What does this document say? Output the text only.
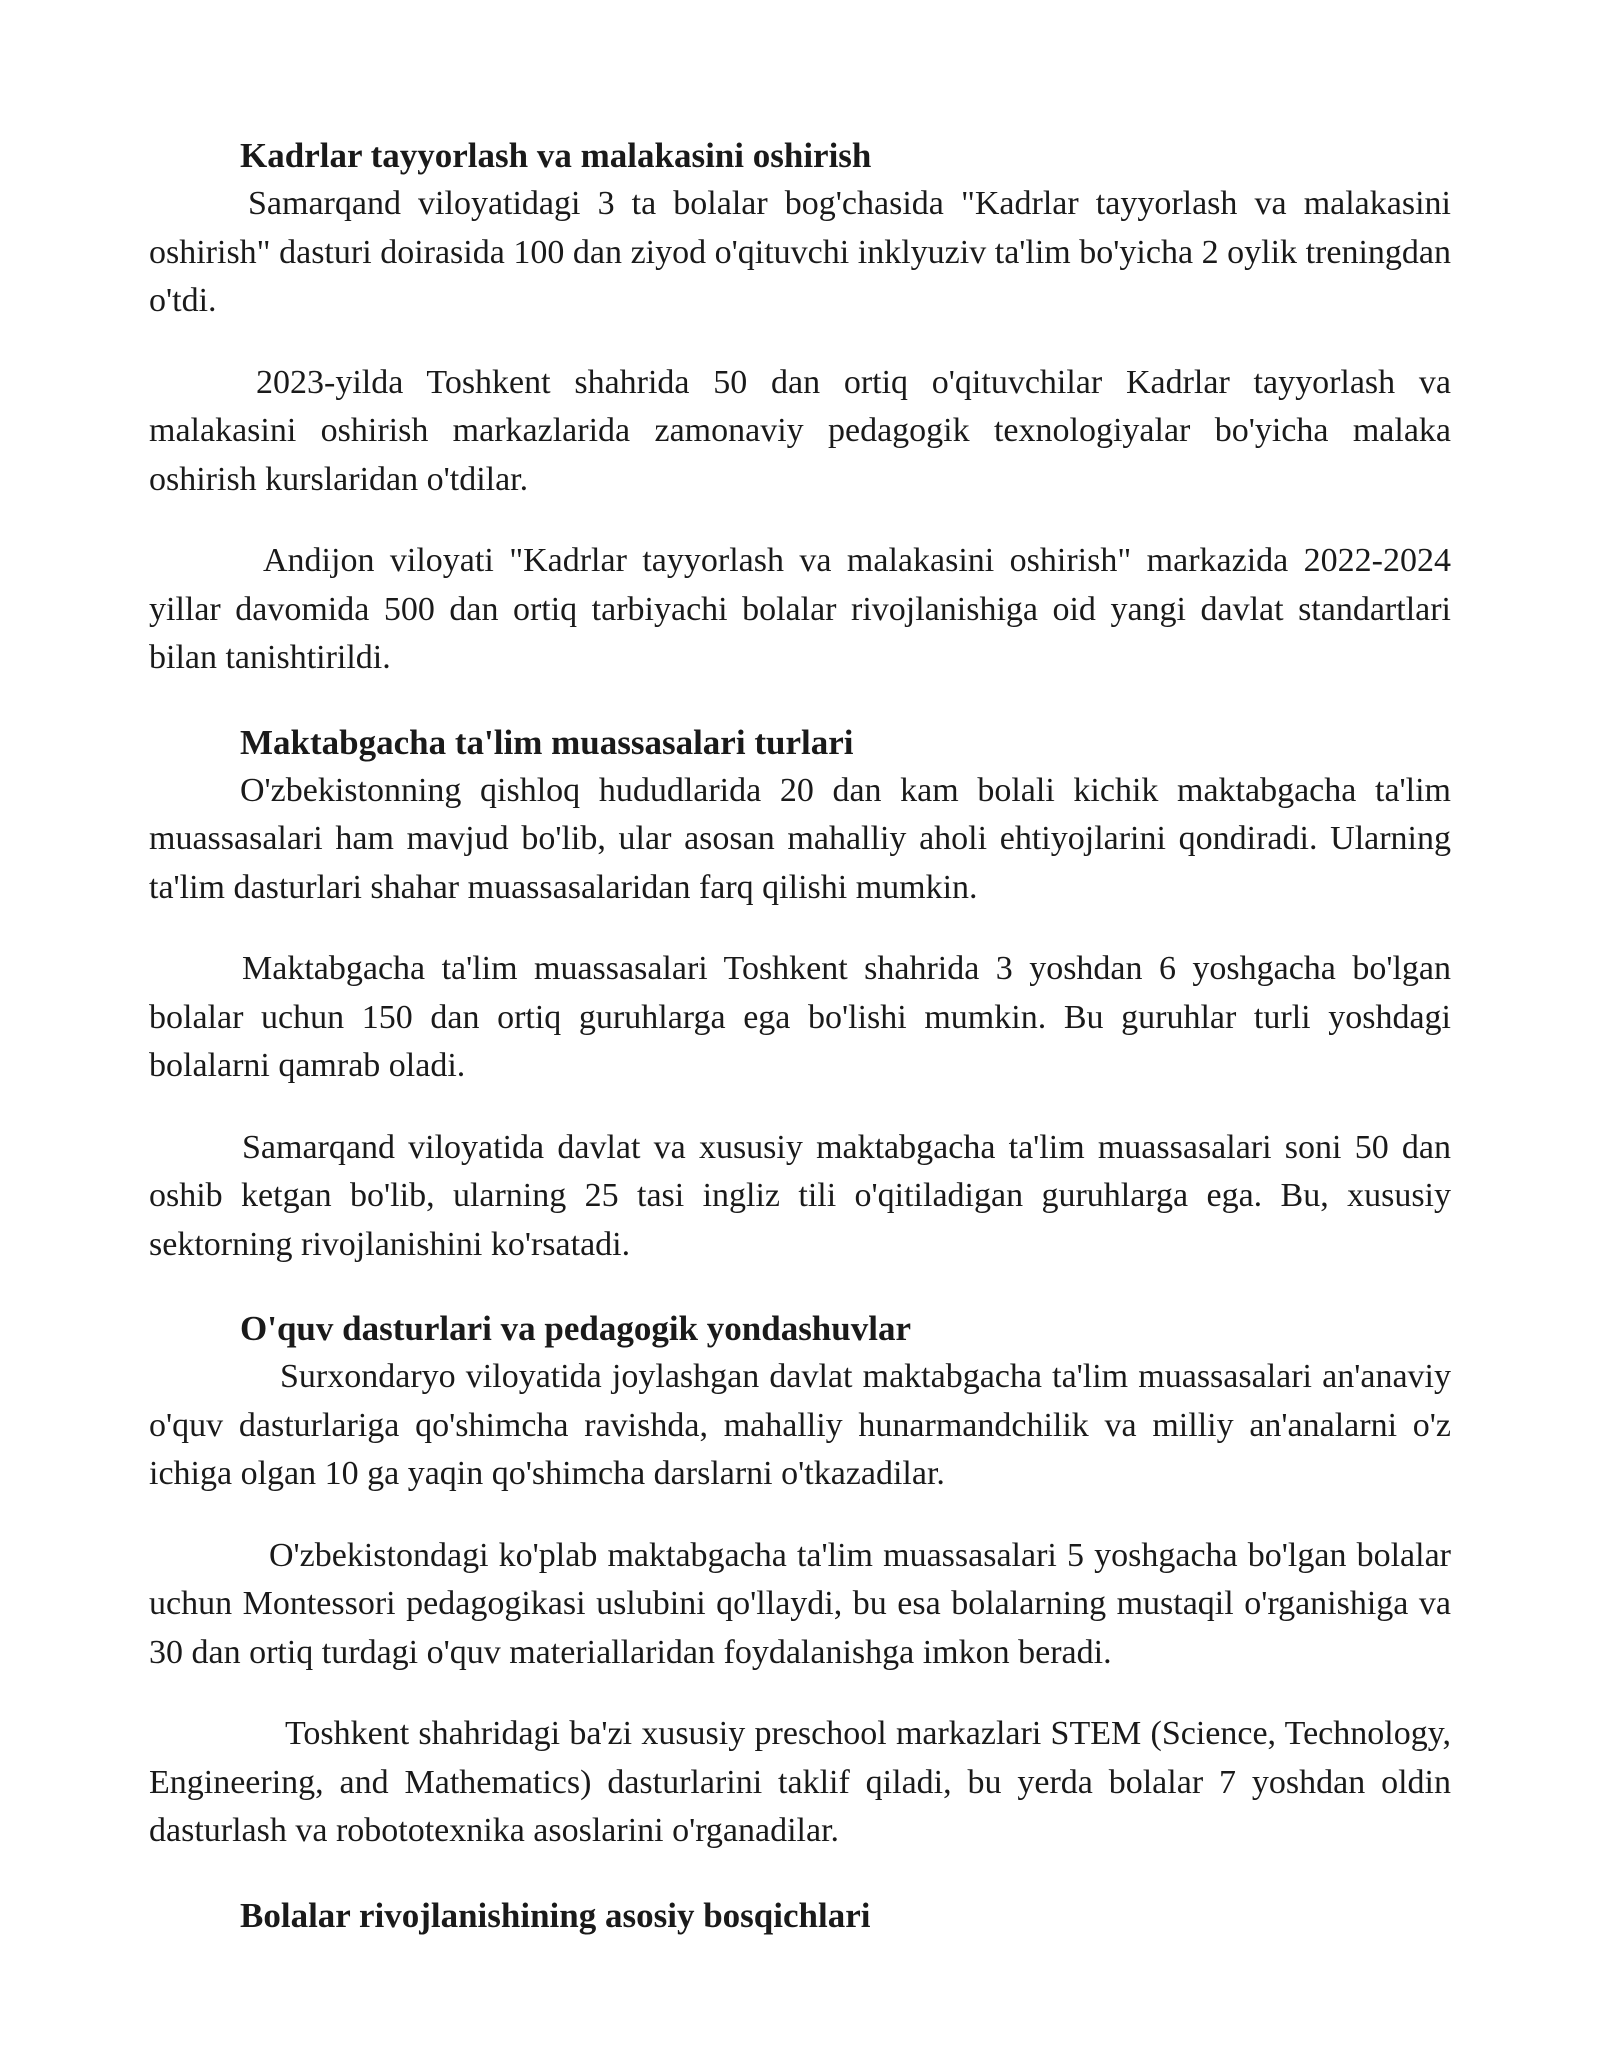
Kadrlar tayyorlash va malakasini oshirish

Samarqand viloyatidagi 3 ta bolalar bog'chasida "Kadrlar tayyorlash va malakasini oshirish" dasturi doirasida 100 dan ziyod o'qituvchi inklyuziv ta'lim bo'yicha 2 oylik treningdan o'tdi.

2023-yilda Toshkent shahrida 50 dan ortiq o'qituvchilar Kadrlar tayyorlash va malakasini oshirish markazlarida zamonaviy pedagogik texnologiyalar bo'yicha malaka oshirish kurslaridan o'tdilar.

Andijon viloyati "Kadrlar tayyorlash va malakasini oshirish" markazida 2022-2024 yillar davomida 500 dan ortiq tarbiyachi bolalar rivojlanishiga oid yangi davlat standartlari bilan tanishtirildi.

Maktabgacha ta'lim muassasalari turlari

O'zbekistonning qishloq hududlarida 20 dan kam bolali kichik maktabgacha ta'lim muassasalari ham mavjud bo'lib, ular asosan mahalliy aholi ehtiyojlarini qondiradi. Ularning ta'lim dasturlari shahar muassasalaridan farq qilishi mumkin.

Maktabgacha ta'lim muassasalari Toshkent shahrida 3 yoshdan 6 yoshgacha bo'lgan bolalar uchun 150 dan ortiq guruhlarga ega bo'lishi mumkin. Bu guruhlar turli yoshdagi bolalarni qamrab oladi.

Samarqand viloyatida davlat va xususiy maktabgacha ta'lim muassasalari soni 50 dan oshib ketgan bo'lib, ularning 25 tasi ingliz tili o'qitiladigan guruhlarga ega. Bu, xususiy sektorning rivojlanishini ko'rsatadi.

O'quv dasturlari va pedagogik yondashuvlar

Surxondaryo viloyatida joylashgan davlat maktabgacha ta'lim muassasalari an'anaviy o'quv dasturlariga qo'shimcha ravishda, mahalliy hunarmandchilik va milliy an'analarni o'z ichiga olgan 10 ga yaqin qo'shimcha darslarni o'tkazadilar.

O'zbekistondagi ko'plab maktabgacha ta'lim muassasalari 5 yoshgacha bo'lgan bolalar uchun Montessori pedagogikasi uslubini qo'llaydi, bu esa bolalarning mustaqil o'rganishiga va 30 dan ortiq turdagi o'quv materiallaridan foydalanishga imkon beradi.

Toshkent shahridagi ba'zi xususiy preschool markazlari STEM (Science, Technology, Engineering, and Mathematics) dasturlarini taklif qiladi, bu yerda bolalar 7 yoshdan oldin dasturlash va robototexnika asoslarini o'rganadilar.

Bolalar rivojlanishining asosiy bosqichlari
